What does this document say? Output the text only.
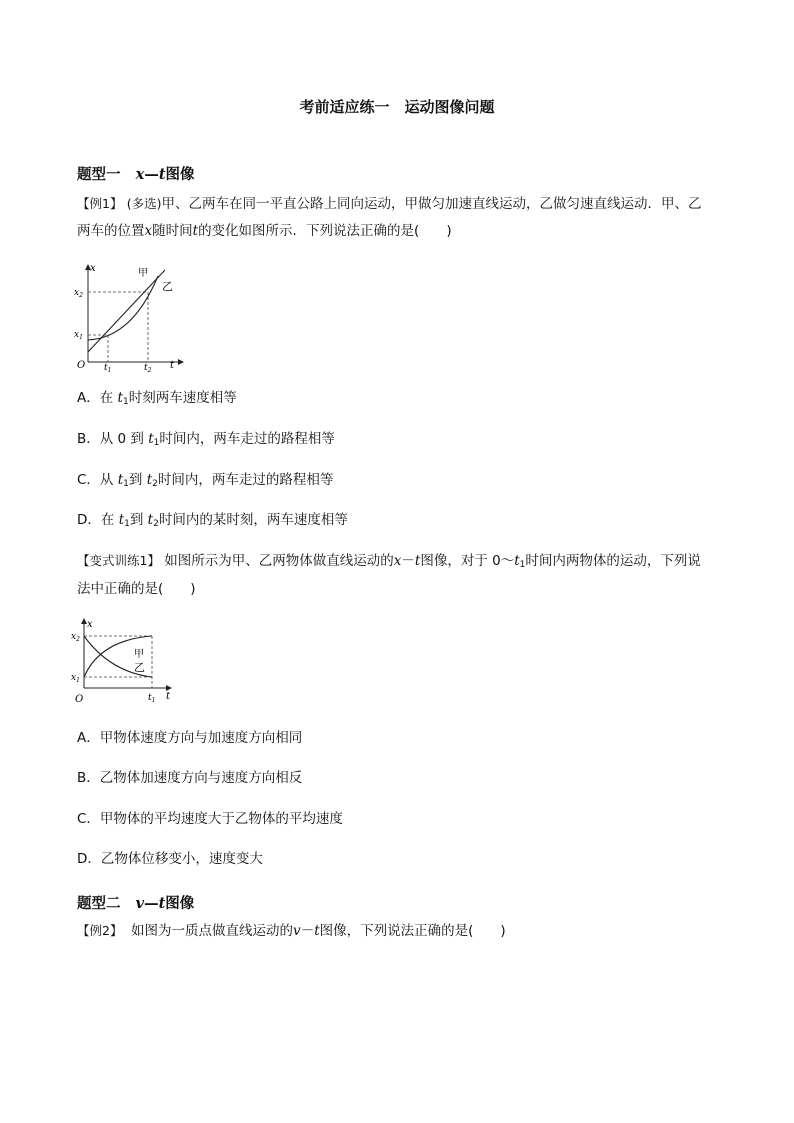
考前适应练一　运动图像问题
题型一 x—t图像
【例1】 (多选)甲、乙两车在同一平直公路上同向运动，甲做匀加速直线运动，乙做匀速直线运动．甲、乙
两车的位置x随时间t的变化如图所示．下列说法正确的是(　　)
x
t
O
$x_2$
$x_1$
$t_1$	$t_2$
甲
乙
A．在 $t_1$时刻两车速度相等
B．从 0 到 $t_1$时间内，两车走过的路程相等
C．从 $t_1$到 $t_2$时间内，两车走过的路程相等
D．在 $t_1$到 $t_2$时间内的某时刻，两车速度相等
【变式训练1】 如图所示为甲、乙两物体做直线运动的x－t图像，对于 $0\sim t_1$时间内两物体的运动，下列说
法中正确的是(　　)
x
t
O
$x_2$
$x_1$
$t_1$
甲
乙
A．甲物体速度方向与加速度方向相同
B．乙物体加速度方向与速度方向相反
C．甲物体的平均速度大于乙物体的平均速度
D．乙物体位移变小，速度变大
题型二 v—t图像
【例2】 如图为一质点做直线运动的v－t图像，下列说法正确的是(　　)
